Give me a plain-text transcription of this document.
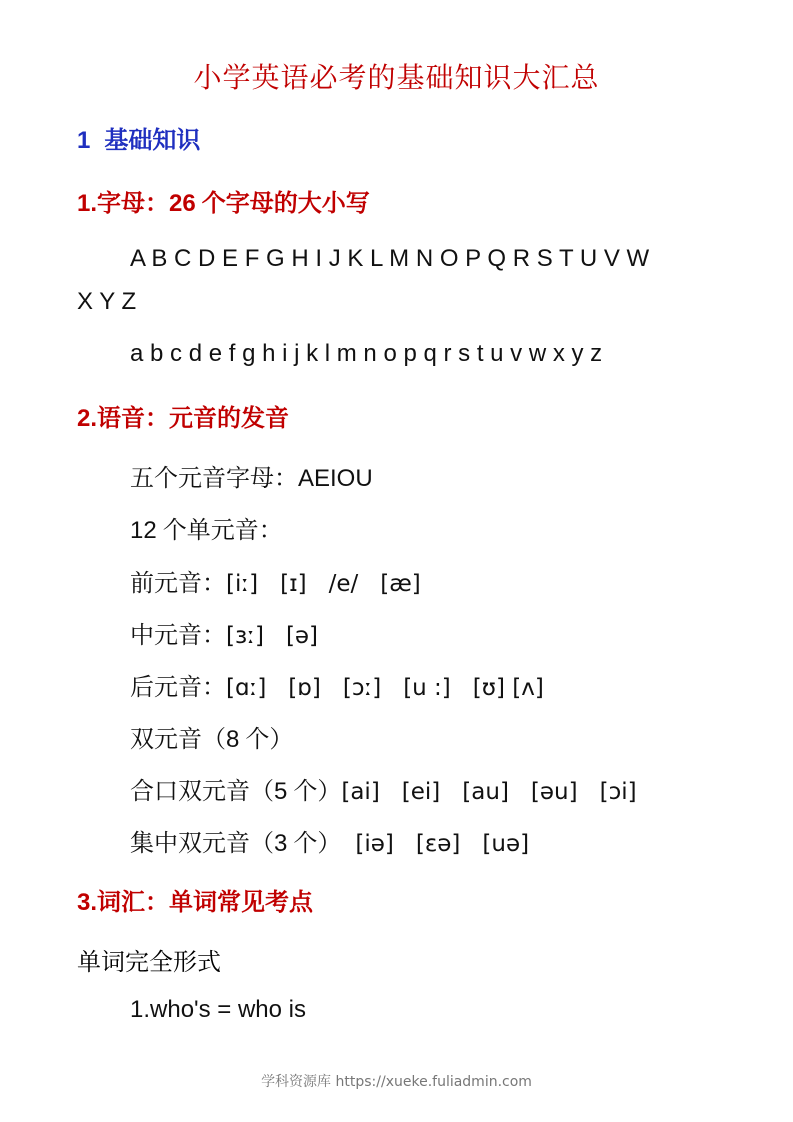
小学英语必考的基础知识大汇总
1 基础知识
1.字母：26 个字母的大小写
A B C D E F G H I J K L M N O P Q R S T U V W
X Y Z
a b c d e f g h i j k l m n o p q r s t u v w x y z
2.语音：元音的发音
五个元音字母：AEIOU
12 个单元音：
前元音：[iː] [ɪ] /e/ [æ]
中元音：[ɜː] [ə]
后元音：[ɑː] [ɒ] [ɔː] [u :] [ʊ] [ʌ]
双元音（8 个）
合口双元音（5 个）[ai] [ei] [au] [əu] [ɔi]
集中双元音（3 个） [iə] [εə] [uə]
3.词汇：单词常见考点
单词完全形式
1.who's = who is
学科资源库 https://xueke.fuliadmin.com
